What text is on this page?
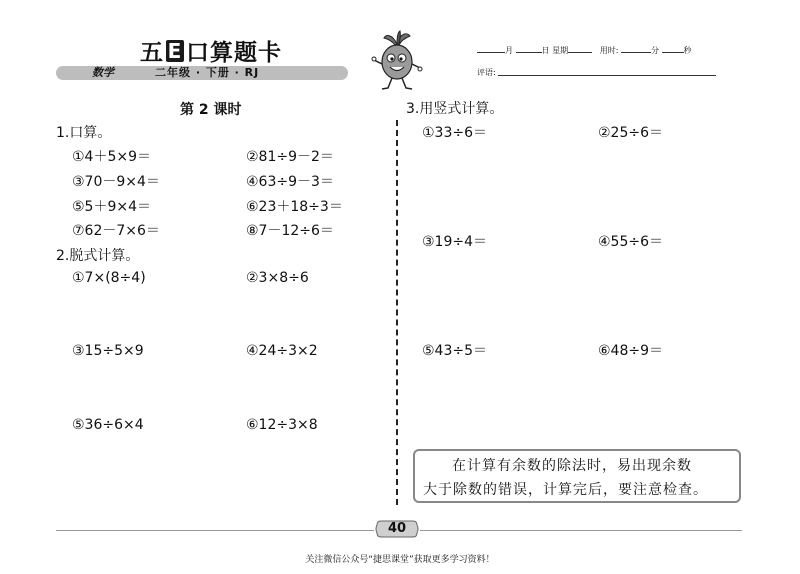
五 E 口算题卡
数学	二年级 · 下册 · RJ
月	日 星期	用时:	分	秒
评语:
第 2 课时
1.口算。
①4＋5×9＝	②81÷9－2＝
③70－9×4＝	④63÷9－3＝
⑤5＋9×4＝	⑥23＋18÷3＝
⑦62－7×6＝	⑧7－12÷6＝
2.脱式计算。
①7×(8÷4)	②3×8÷6
③15÷5×9	④24÷3×2
⑤36÷6×4	⑥12÷3×8
3.用竖式计算。
①33÷6＝	②25÷6＝
③19÷4＝	④55÷6＝
⑤43÷5＝	⑥48÷9＝
在计算有余数的除法时，易出现余数
大于除数的错误，计算完后，要注意检查。
40
关注微信公众号“捷思课堂”获取更多学习资料！
